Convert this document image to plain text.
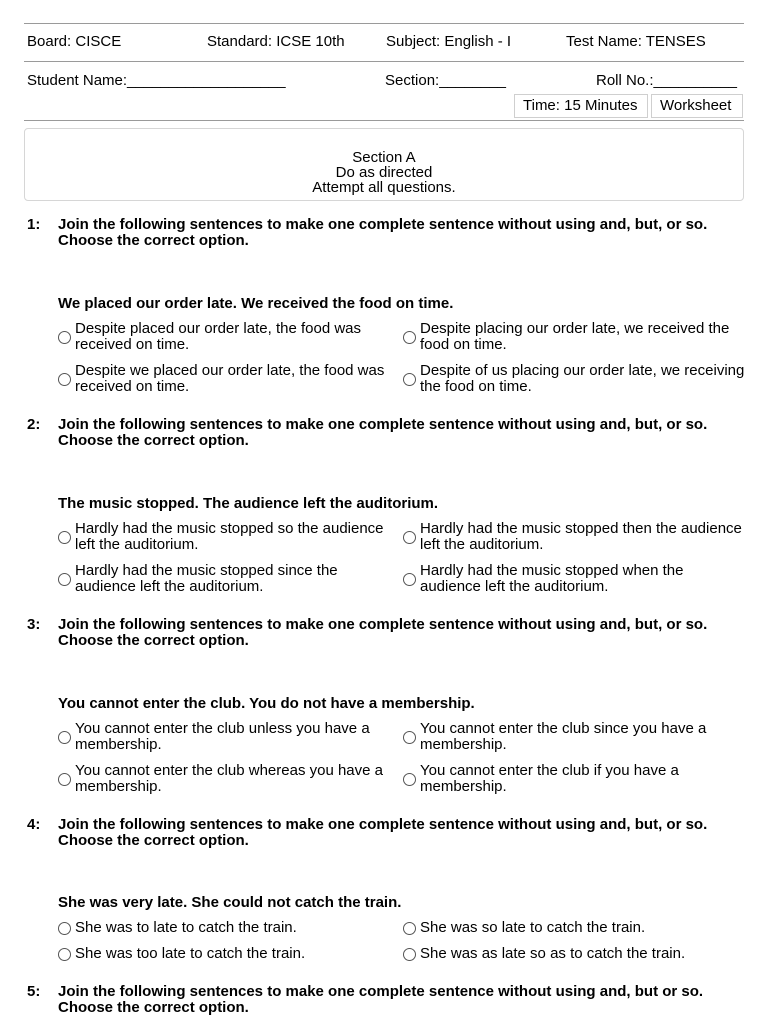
Board: CISCE	Standard: ICSE 10th	Subject: English - I	Test Name: TENSES
Student Name:___________________	Section:________	Roll No.:__________
Time: 15 Minutes	Worksheet
Section A
Do as directed
Attempt all questions.
1: Join the following sentences to make one complete sentence without using and, but, or so. Choose the correct option.
We placed our order late. We received the food on time.
Despite placed our order late, the food was received on time.
Despite placing our order late, we received the food on time.
Despite we placed our order late, the food was received on time.
Despite of us placing our order late, we receiving the food on time.
2: Join the following sentences to make one complete sentence without using and, but, or so. Choose the correct option.
The music stopped. The audience left the auditorium.
Hardly had the music stopped so the audience left the auditorium.
Hardly had the music stopped then the audience left the auditorium.
Hardly had the music stopped since the audience left the auditorium.
Hardly had the music stopped when the audience left the auditorium.
3: Join the following sentences to make one complete sentence without using and, but, or so. Choose the correct option.
You cannot enter the club. You do not have a membership.
You cannot enter the club unless you have a membership.
You cannot enter the club since you have a membership.
You cannot enter the club whereas you have a membership.
You cannot enter the club if you have a membership.
4: Join the following sentences to make one complete sentence without using and, but, or so. Choose the correct option.
She was very late. She could not catch the train.
She was to late to catch the train.	She was so late to catch the train.
She was too late to catch the train.	She was as late so as to catch the train.
5: Join the following sentences to make one complete sentence without using and, but or so. Choose the correct option.
